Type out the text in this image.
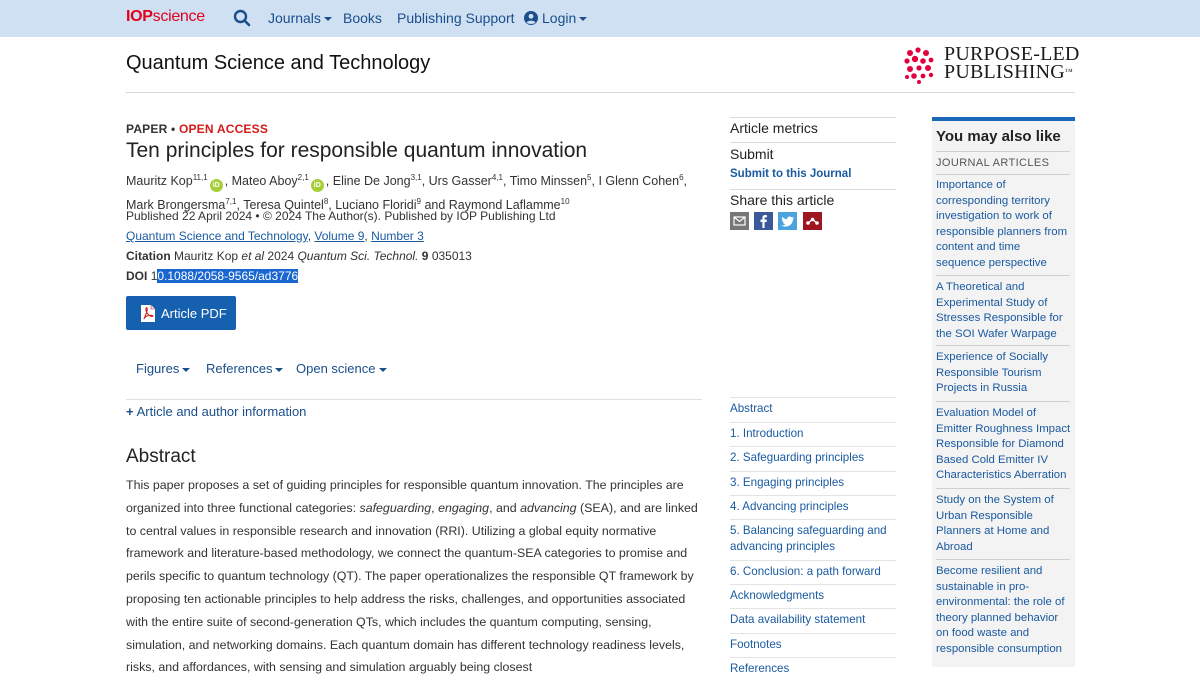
IOPscience	Journals	Books Publishing Support	Login
Quantum Science and Technology	PURPOSE-LED
PUBLISHING™
PAPER • OPEN ACCESS
Ten principles for responsible quantum innovation
Mauritz Kop$^{11,1}$iD , Mateo Aboy$^{2,1}$iD , Eline De Jong$^{3,1}$, Urs Gasser$^{4,1}$, Timo Minssen$^5$, I Glenn Cohen$^6$, Mark Brongersma$^{7,1}$, Teresa Quintel$^8$, Luciano Floridi$^9$ and Raymond Laflamme$^{10}$
Published 22 April 2024 • © 2024 The Author(s). Published by IOP Publishing Ltd
Quantum Science and Technology, Volume 9, Number 3
Citation Mauritz Kop et al 2024 Quantum Sci. Technol. 9 035013
DOI 10.1088/2058-9565/ad3776
Article PDF
Figures	References	Open science
+ Article and author information
Abstract

This paper proposes a set of guiding principles for responsible quantum innovation. The principles are organized into three functional categories: safeguarding, engaging, and advancing (SEA), and are linked to central values in responsible research and innovation (RRI). Utilizing a global equity normative framework and literature-based methodology, we connect the quantum-SEA categories to promise and perils specific to quantum technology (QT). The paper operationalizes the responsible QT framework by proposing ten actionable principles to help address the risks, challenges, and opportunities associated with the entire suite of second-generation QTs, which includes the quantum computing, sensing, simulation, and networking domains. Each quantum domain has different technology readiness levels, risks, and affordances, with sensing and simulation arguably being closest

Article metrics
Submit
Submit to this Journal
Share this article
Abstract
1. Introduction
2. Safeguarding principles
3. Engaging principles
4. Advancing principles
5. Balancing safeguarding and advancing principles
6. Conclusion: a path forward
Acknowledgments
Data availability statement
Footnotes
References
You may also like
JOURNAL ARTICLES
Importance of corresponding territory investigation to work of responsible planners from content and time sequence perspective
A Theoretical and Experimental Study of Stresses Responsible for the SOI Wafer Warpage
Experience of Socially Responsible Tourism Projects in Russia
Evaluation Model of Emitter Roughness Impact Responsible for Diamond Based Cold Emitter IV Characteristics Aberration
Study on the System of Urban Responsible Planners at Home and Abroad
Become resilient and sustainable in pro-environmental: the role of theory planned behavior on food waste and responsible consumption
